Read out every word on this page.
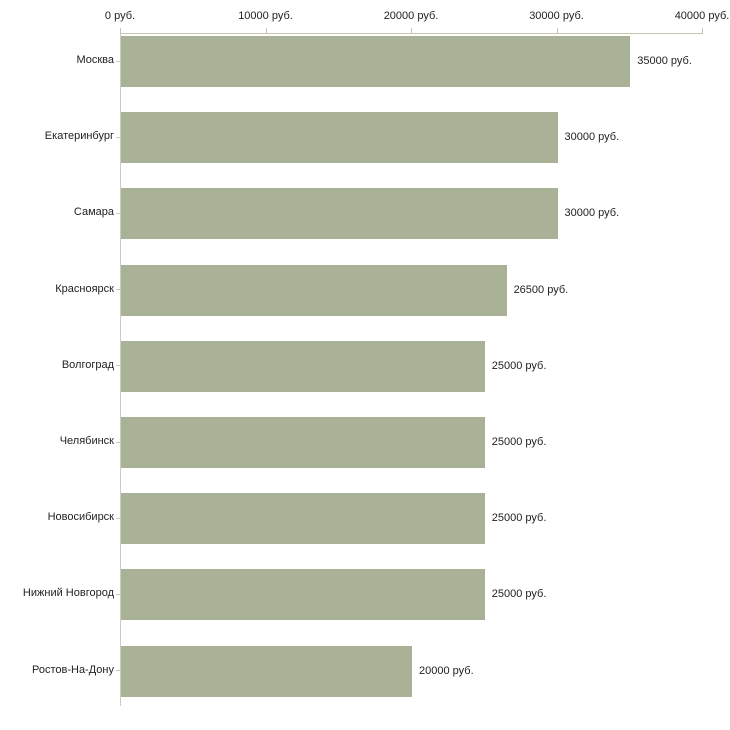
35000 руб.
30000 руб.
30000 руб.
26500 руб.
25000 руб.
25000 руб.
25000 руб.
25000 руб.
20000 руб.
0 руб.	10000 руб.	20000 руб.	30000 руб.	40000 руб.
Москва
Екатеринбург
Самара
Красноярск
Волгоград
Челябинск
Новосибирск
Нижний Новгород
Ростов-На-Дону
